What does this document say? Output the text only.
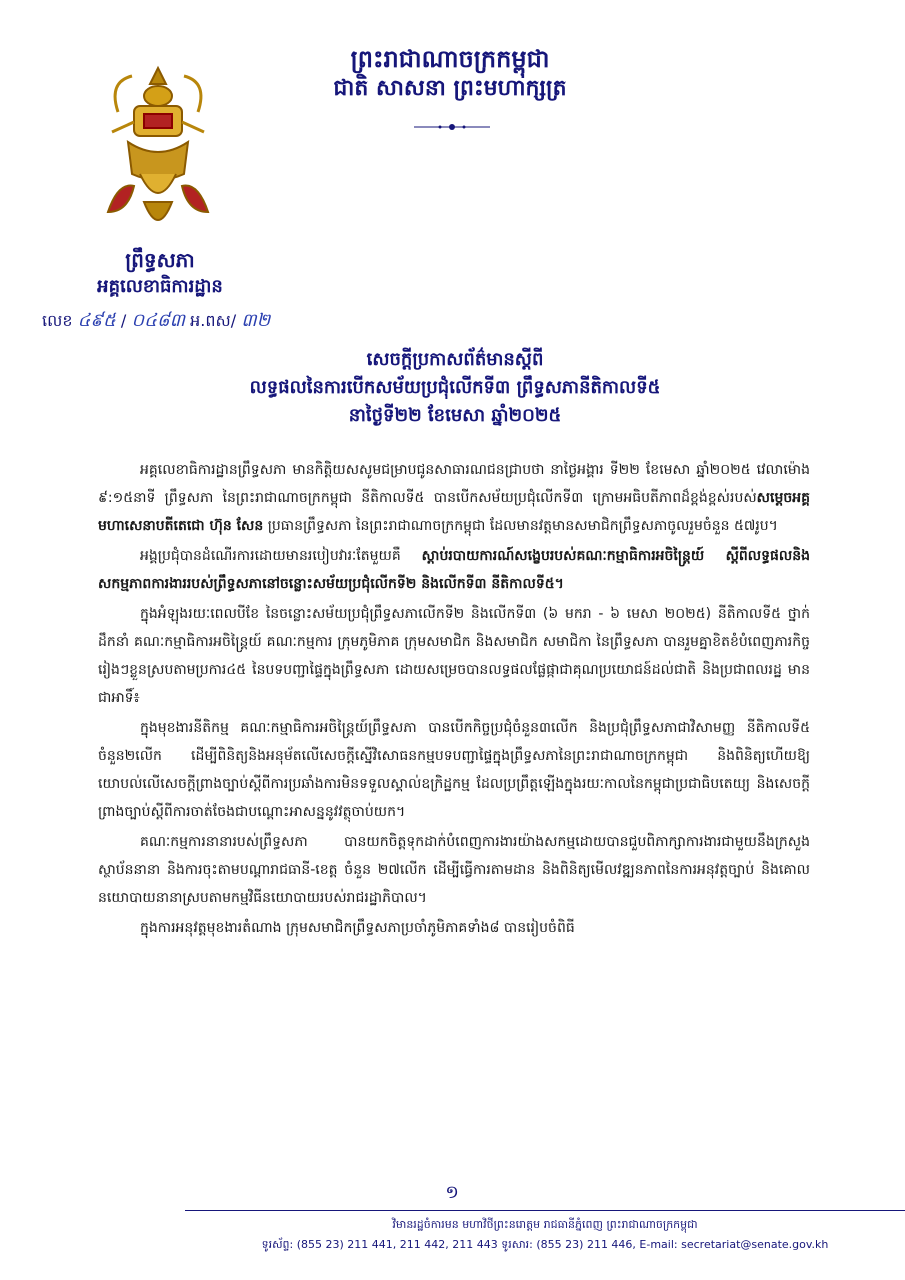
ព្រះរាជាណាចក្រកម្ពុជា
ជាតិ សាសនា ព្រះមហាក្សត្រ
ព្រឹទ្ធសភា
អគ្គលេខាធិការដ្ឋាន
លេខ ៤៩៥ / ០៤៨៣ អ.ពស/ ៣២
សេចក្តីប្រកាសព័ត៌មានស្តីពី
លទ្ធផលនៃការបើកសម័យប្រជុំលើកទី៣ ព្រឹទ្ធសភានីតិកាលទី៥
នាថ្ងៃទី២២ ខែមេសា ឆ្នាំ២០២៥

អគ្គលេខាធិការដ្ឋានព្រឹទ្ធសភា មានកិត្តិយសសូមជម្រាបជូនសាធារណជនជ្រាបថា នាថ្ងៃអង្គារ ទី២២ ខែមេសា ឆ្នាំ២០២៥ វេលាម៉ោង ៩:១៥នាទី ព្រឹទ្ធសភា នៃព្រះរាជាណាចក្រកម្ពុជា នីតិកាលទី៥ បានបើកសម័យប្រជុំលើកទី៣ ក្រោមអធិបតីភាពដ៏ខ្ពង់ខ្ពស់របស់សម្តេចអគ្គមហាសេនាបតីតេជោ ហ៊ុន សែន ប្រធានព្រឹទ្ធសភា នៃព្រះរាជាណាចក្រកម្ពុជា ដែលមានវត្តមានសមាជិកព្រឹទ្ធសភាចូលរួមចំនួន ៥៧រូប។

អង្គប្រជុំបានដំណើរការដោយមានរបៀបវារៈតែមួយគឺ ស្តាប់របាយការណ៍សង្ខេបរបស់គណៈកម្មាធិការអចិន្ត្រៃយ៍ ស្តីពីលទ្ធផលនិងសកម្មភាពការងាររបស់ព្រឹទ្ធសភានៅចន្លោះសម័យប្រជុំលើកទី២ និងលើកទី៣ នីតិកាលទី៥។

ក្នុងអំឡុងរយៈពេលបីខែ នៃចន្លោះសម័យប្រជុំព្រឹទ្ធសភាលើកទី២ និងលើកទី៣ (៦ មករា - ៦ មេសា ២០២៥) នីតិកាលទី៥ ថ្នាក់ដឹកនាំ គណៈកម្មាធិការអចិន្ត្រៃយ៍ គណៈកម្មការ ក្រុមភូមិភាគ ក្រុមសមាជិក និងសមាជិក សមាជិកា នៃព្រឹទ្ធសភា បានរួមគ្នាខិតខំបំពេញភារកិច្ចរៀងៗខ្លួនស្របតាមប្រការ៤៥ នៃបទបញ្ជាផ្ទៃក្នុងព្រឹទ្ធសភា ដោយសម្រេចបានលទ្ធផលផ្លែផ្កាជាគុណប្រយោជន៍ដល់ជាតិ និងប្រជាពលរដ្ឋ មានជាអាទិ៍៖

ក្នុងមុខងារនីតិកម្ម គណៈកម្មាធិការអចិន្ត្រៃយ៍ព្រឹទ្ធសភា បានបើកកិច្ចប្រជុំចំនួន៣លើក និងប្រជុំព្រឹទ្ធសភាជាវិសាមញ្ញ នីតិកាលទី៥ ចំនួន២លើក ដើម្បីពិនិត្យនិងអនុម័តលើសេចក្តីស្នើវិសោធនកម្មបទបញ្ជាផ្ទៃក្នុងព្រឹទ្ធសភានៃព្រះរាជាណាចក្រកម្ពុជា និងពិនិត្យហើយឱ្យយោបល់លើសេចក្តីព្រាងច្បាប់ស្តីពីការប្រឆាំងការមិនទទួលស្គាល់ឧក្រិដ្ឋកម្ម ដែលប្រព្រឹត្តឡើងក្នុងរយៈកាលនៃកម្ពុជាប្រជាធិបតេយ្យ និងសេចក្តីព្រាងច្បាប់ស្តីពីការចាត់ចែងជាបណ្តោះអាសន្ននូវវត្ថុចាប់យក។

គណៈកម្មការនានារបស់ព្រឹទ្ធសភា បានយកចិត្តទុកដាក់បំពេញការងារយ៉ាងសកម្មដោយបានជួបពិភាក្សាការងារជាមួយនឹងក្រសួង ស្ថាប័ននានា និងការចុះតាមបណ្តារាជធានី-ខេត្ត ចំនួន ២៧លើក ដើម្បីធ្វើការតាមដាន និងពិនិត្យមើលវឌ្ឍនភាពនៃការអនុវត្តច្បាប់ និងគោលនយោបាយនានាស្របតាមកម្មវិធីនយោបាយរបស់រាជរដ្ឋាភិបាល។

ក្នុងការអនុវត្តមុខងារតំណាង ក្រុមសមាជិកព្រឹទ្ធសភាប្រចាំភូមិភាគទាំង៨ បានរៀបចំពិធី

១
វិមានរដ្ឋចំការមន មហាវិថីព្រះនរោត្តម រាជធានីភ្នំពេញ ព្រះរាជាណាចក្រកម្ពុជា
ទូរស័ព្ទ: (855 23) 211 441, 211 442, 211 443 ទូរសារ: (855 23) 211 446, E-mail: secretariat@senate.gov.kh
